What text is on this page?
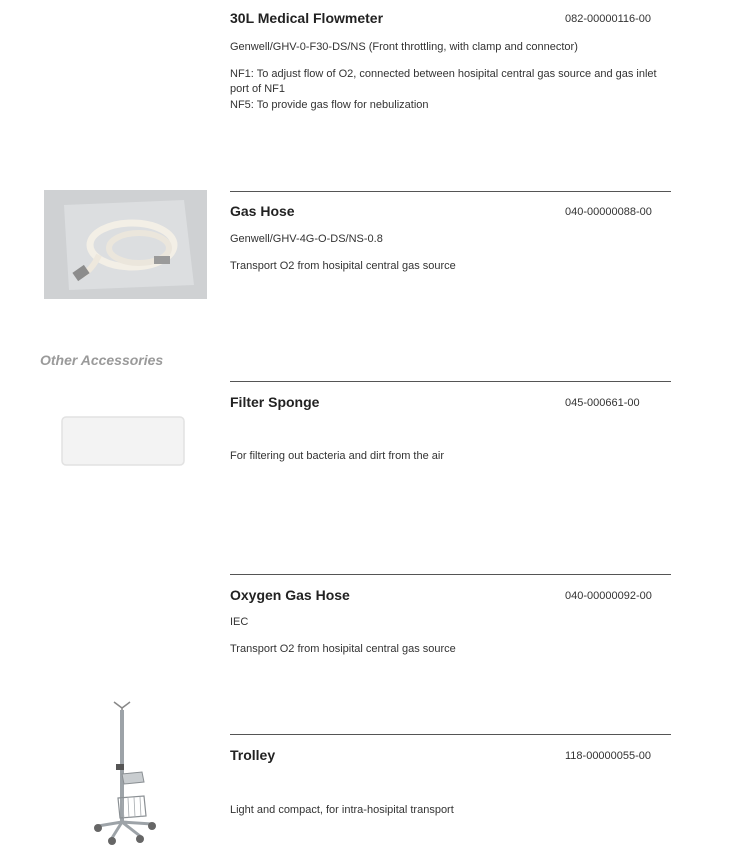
30L Medical Flowmeter	082-00000116-00
Genwell/GHV-0-F30-DS/NS (Front throttling, with clamp and connector)
NF1: To adjust flow of O2, connected between hosipital central gas source and gas inlet
port of NF1
NF5: To provide gas flow for nebulization
Gas Hose	040-00000088-00
Genwell/GHV-4G-O-DS/NS-0.8
Transport O2 from hosipital central gas source
Other Accessories
Filter Sponge	045-000661-00
For filtering out bacteria and dirt from the air
Oxygen Gas Hose	040-00000092-00
IEC
Transport O2 from hosipital central gas source
Trolley	118-00000055-00
Light and compact, for intra-hosipital transport
